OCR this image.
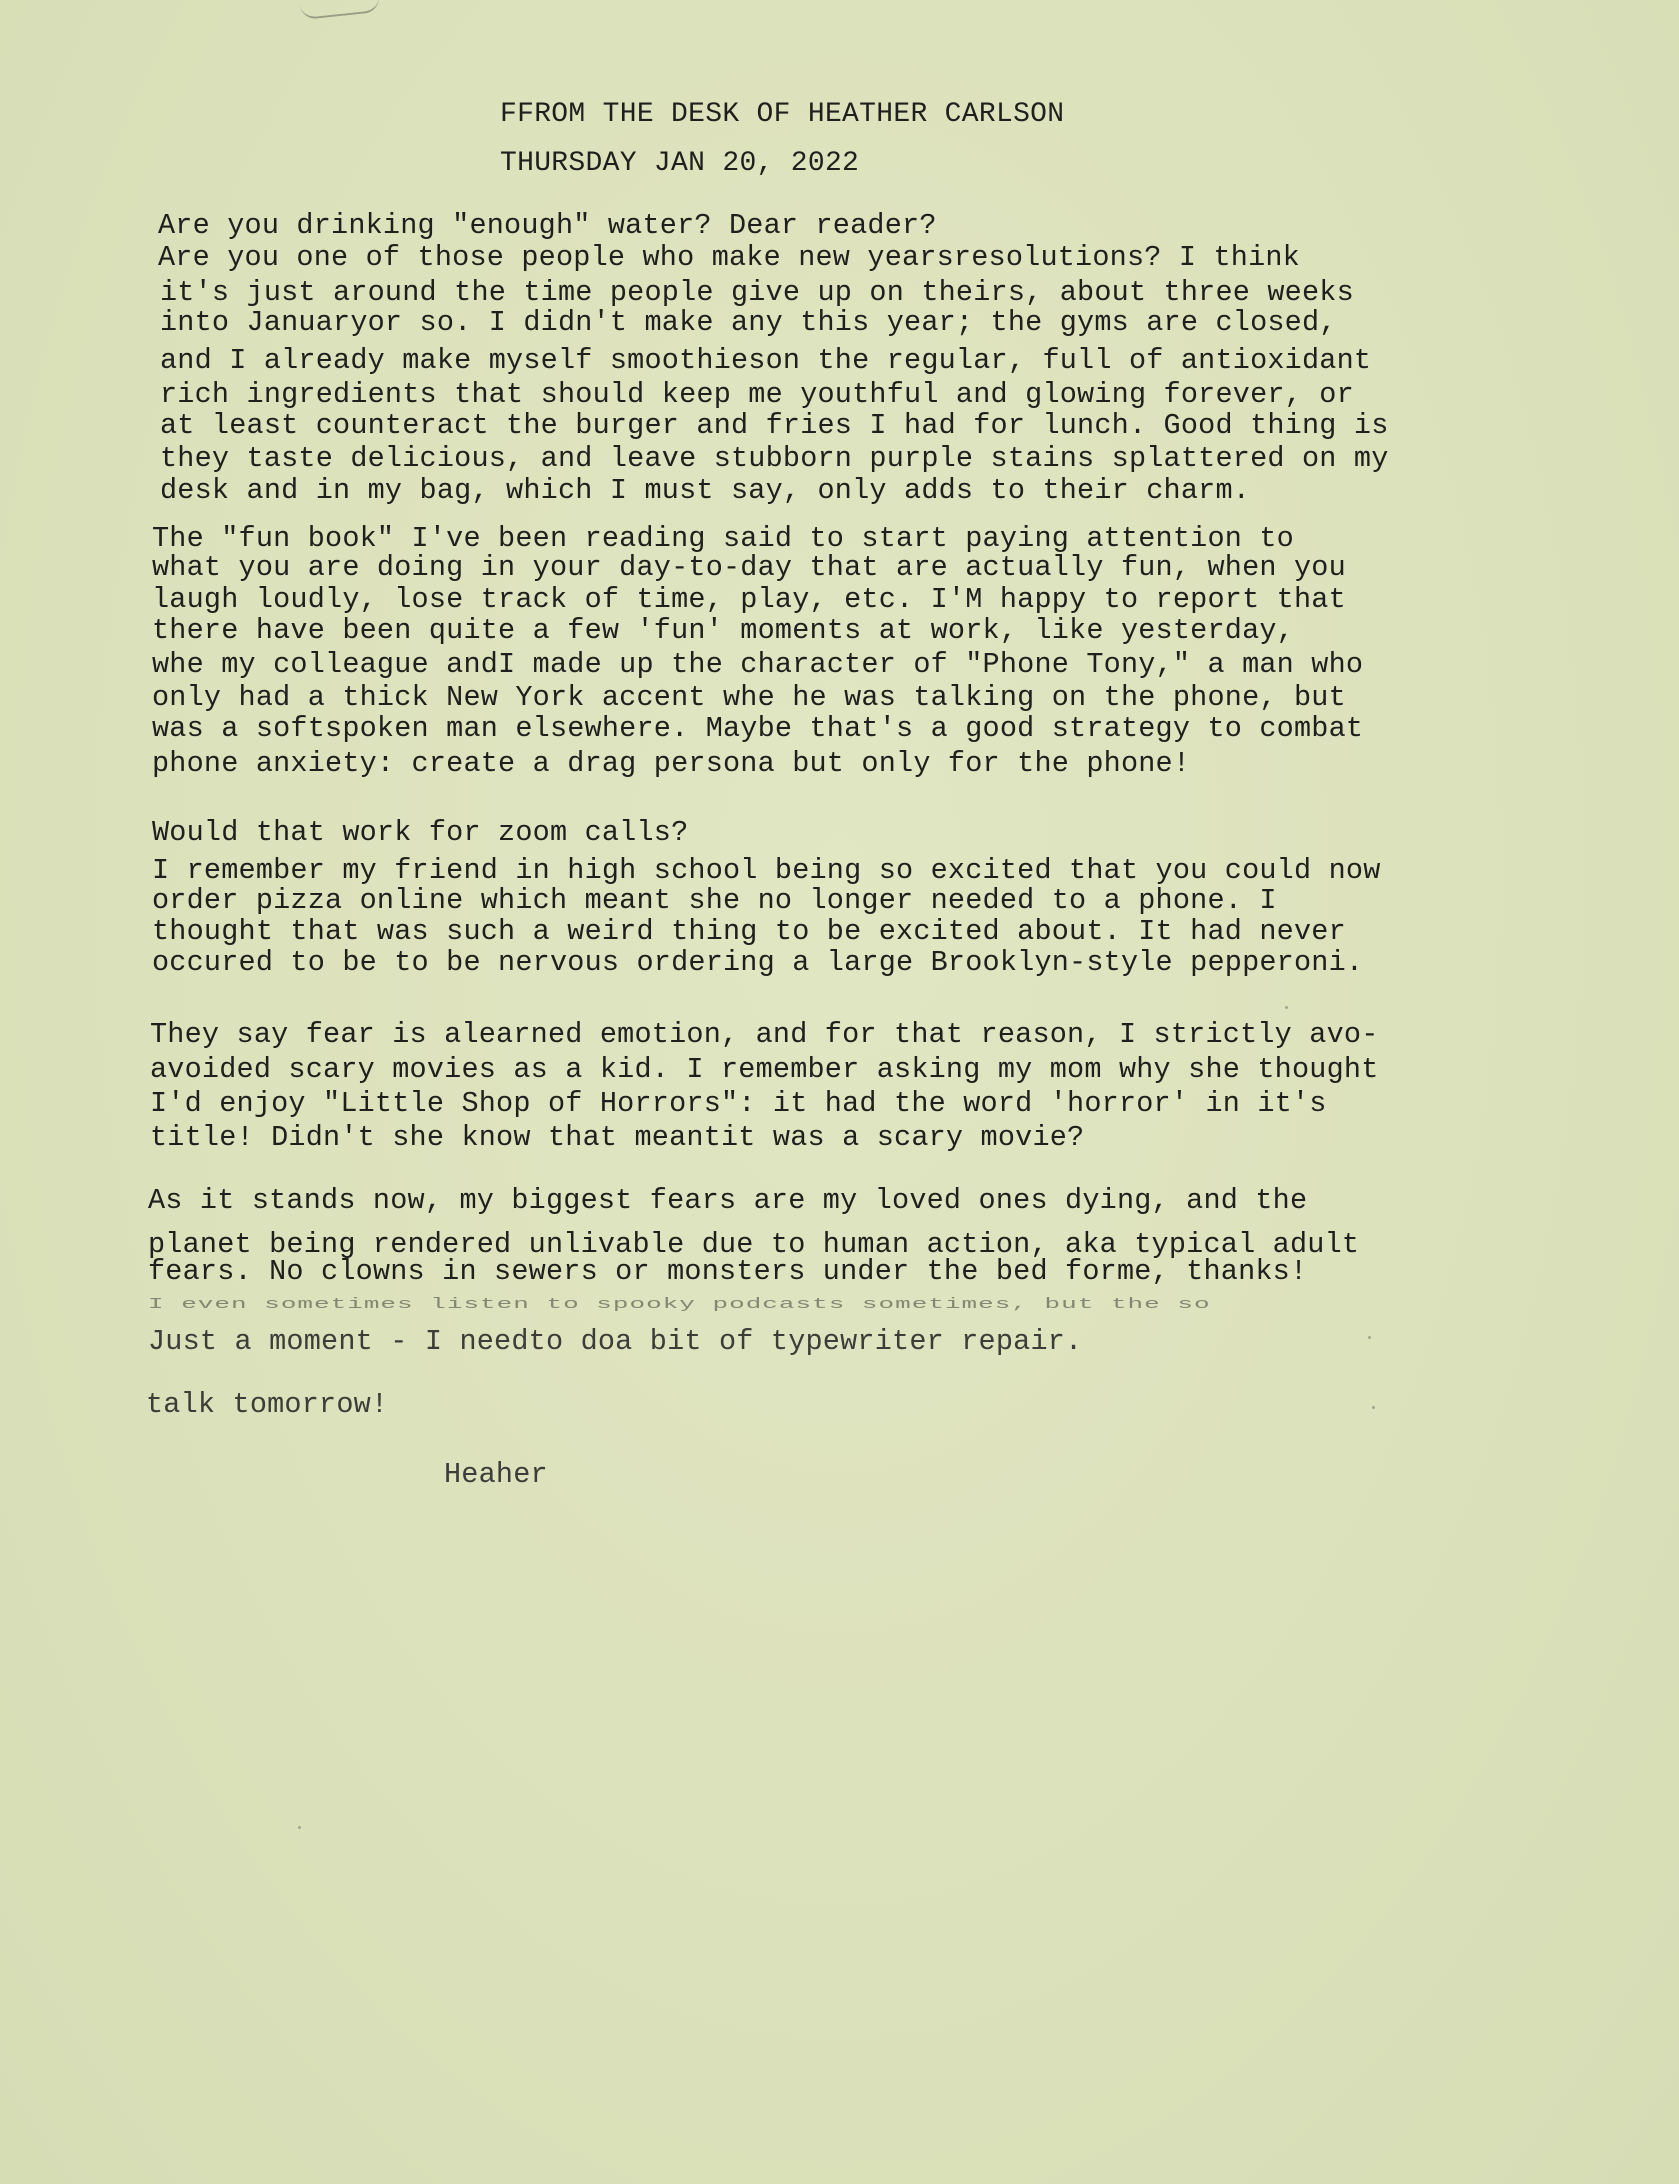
FFROM THE DESK OF HEATHER CARLSON
THURSDAY JAN 20, 2022
Are you drinking "enough" water? Dear reader?
Are you one of those people who make new yearsresolutions? I think
it's just around the time people give up on theirs, about three weeks
into Januaryor so. I didn't make any this year; the gyms are closed,
and I already make myself smoothieson the regular, full of antioxidant
rich ingredients that should keep me youthful and glowing forever, or
at least counteract the burger and fries I had for lunch. Good thing is
they taste delicious, and leave stubborn purple stains splattered on my
desk and in my bag, which I must say, only adds to their charm.
The "fun book" I've been reading said to start paying attention to
what you are doing in your day-to-day that are actually fun, when you
laugh loudly, lose track of time, play, etc. I'M happy to report that
there have been quite a few 'fun' moments at work, like yesterday,
whe my colleague andI made up the character of "Phone Tony," a man who
only had a thick New York accent whe he was talking on the phone, but
was a softspoken man elsewhere. Maybe that's a good strategy to combat
phone anxiety: create a drag persona but only for the phone!
Would that work for zoom calls?
I remember my friend in high school being so excited that you could now
order pizza online which meant she no longer needed to a phone. I
thought that was such a weird thing to be excited about. It had never
occured to be to be nervous ordering a large Brooklyn-style pepperoni.
They say fear is alearned emotion, and for that reason, I strictly avo-
avoided scary movies as a kid. I remember asking my mom why she thought
I'd enjoy "Little Shop of Horrors": it had the word 'horror' in it's
title! Didn't she know that meantit was a scary movie?
As it stands now, my biggest fears are my loved ones dying, and the
planet being rendered unlivable due to human action, aka typical adult
fears. No clowns in sewers or monsters under the bed forme, thanks!
I even sometimes listen to spooky podcasts sometimes, but the so
Just a moment - I needto doa bit of typewriter repair.
talk tomorrow!
Heaher
